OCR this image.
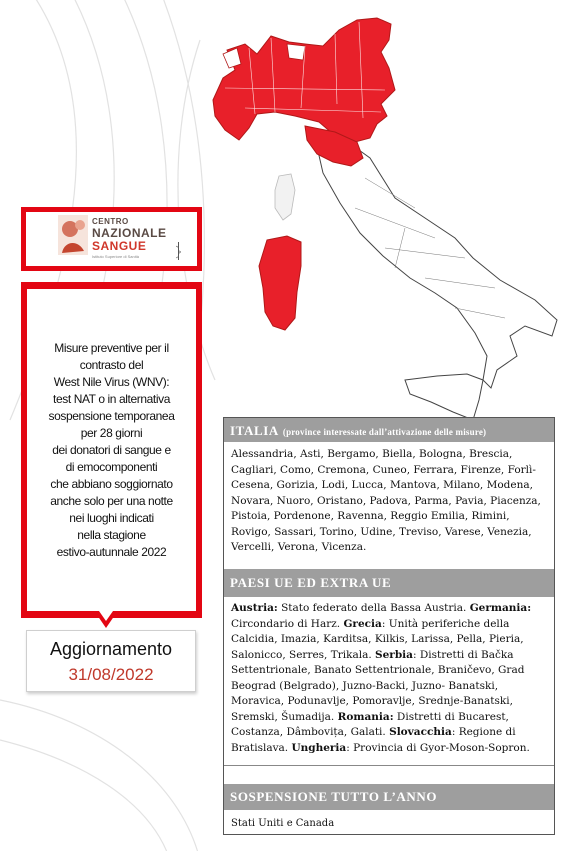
CENTRO
NAZIONALE
SANGUE
Istituto Superiore di Sanità

Misure preventive per il
contrasto del
West Nile Virus (WNV):
test NAT o in alternativa
sospensione temporanea
per 28 giorni
dei donatori di sangue e
di emocomponenti
che abbiano soggiornato
anche solo per una notte
nei luoghi indicati
nella stagione
estivo-autunnale 2022

Aggiornamento
31/08/2022
ITALIA (province interessate dall’attivazione delle misure)

Alessandria, Asti, Bergamo, Biella, Bologna, Brescia, Cagliari, Como, Cremona, Cuneo, Ferrara, Firenze, Forlì-Cesena, Gorizia, Lodi, Lucca, Mantova, Milano, Modena, Novara, Nuoro, Oristano, Padova, Parma, Pavia, Piacenza, Pistoia, Pordenone, Ravenna, Reggio Emilia, Rimini, Rovigo, Sassari, Torino, Udine, Treviso, Varese, Venezia, Vercelli, Verona, Vicenza.

PAESI UE ED EXTRA UE

Austria: Stato federato della Bassa Austria. Germania: Circondario di Harz. Grecia: Unità periferiche della Calcidia, Imazia, Karditsa, Kilkis, Larissa, Pella, Pieria, Salonicco, Serres, Trikala. Serbia: Distretti di Bačka Settentrionale, Banato Settentrionale, Braničevo, Grad Beograd (Belgrado), Juzno-Backi, Juzno- Banatski, Moravica, Podunavlje, Pomoravlje, Srednje-Banatski, Sremski, Šumadija. Romania: Distretti di Bucarest, Costanza, Dâmbovița, Galati. Slovacchia: Regione di Bratislava. Ungheria: Provincia di Gyor-Moson-Sopron.

SOSPENSIONE TUTTO L’ANNO

Stati Uniti e Canada
